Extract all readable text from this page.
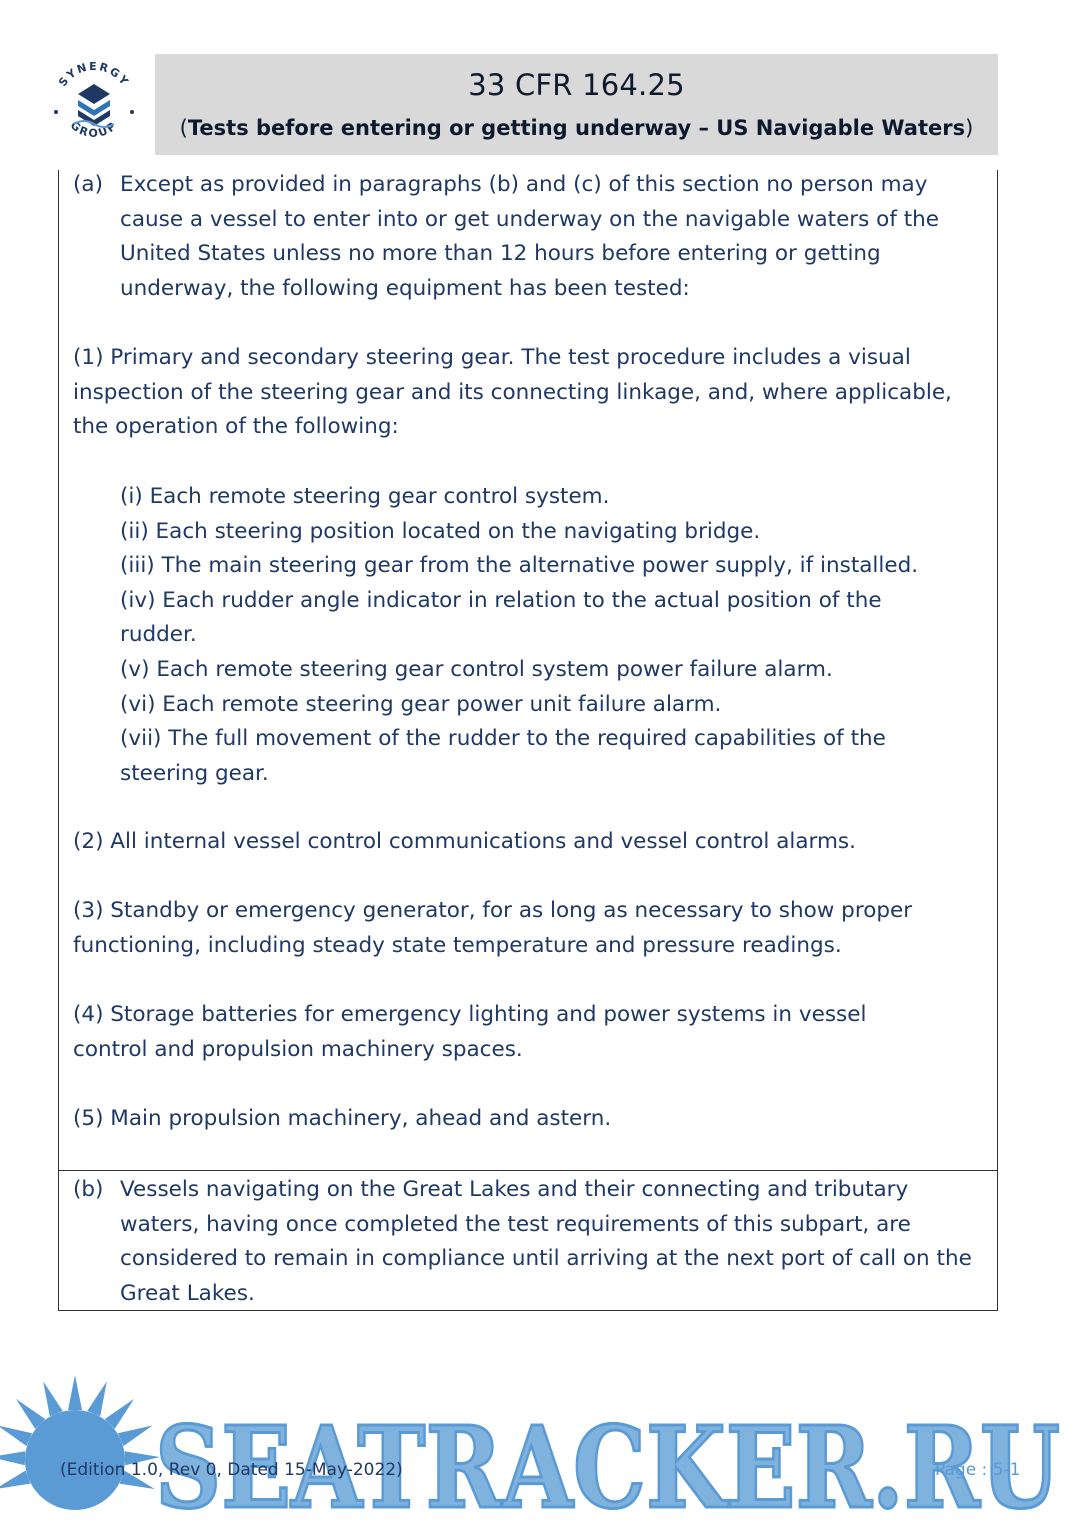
SYNERGY
GROUP
33 CFR 164.25
(Tests before entering or getting underway – US Navigable Waters)
(a) Except as provided in paragraphs (b) and (c) of this section no person may cause a vessel to enter into or get underway on the navigable waters of the United States unless no more than 12 hours before entering or getting underway, the following equipment has been tested:
(1) Primary and secondary steering gear. The test procedure includes a visual inspection of the steering gear and its connecting linkage, and, where applicable, the operation of the following:
(i) Each remote steering gear control system.
(ii) Each steering position located on the navigating bridge.
(iii) The main steering gear from the alternative power supply, if installed.
(iv) Each rudder angle indicator in relation to the actual position of the rudder.
(v) Each remote steering gear control system power failure alarm.
(vi) Each remote steering gear power unit failure alarm.
(vii) The full movement of the rudder to the required capabilities of the steering gear.
(2) All internal vessel control communications and vessel control alarms.
(3) Standby or emergency generator, for as long as necessary to show proper functioning, including steady state temperature and pressure readings.
(4) Storage batteries for emergency lighting and power systems in vessel control and propulsion machinery spaces.
(5) Main propulsion machinery, ahead and astern.
(b) Vessels navigating on the Great Lakes and their connecting and tributary waters, having once completed the test requirements of this subpart, are considered to remain in compliance until arriving at the next port of call on the Great Lakes.
SEATRACKER.RU
(Edition 1.0, Rev 0, Dated 15-May-2022)	Page : 5-1
